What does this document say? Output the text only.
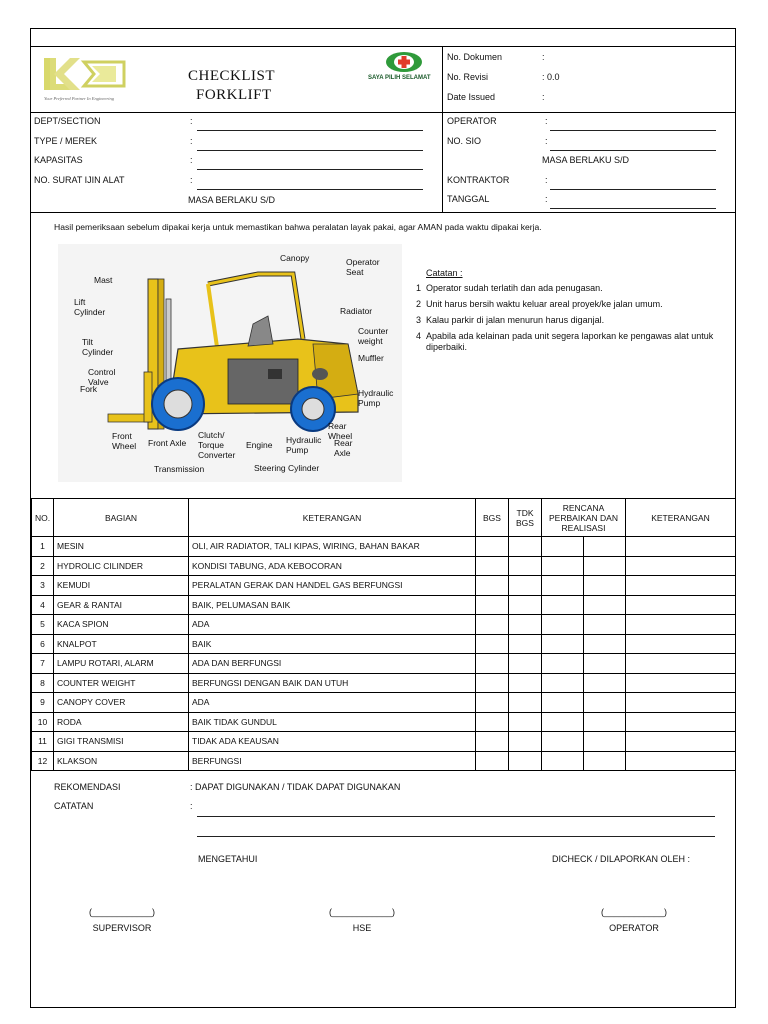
Your Preferred Partner In Engineering
CHECKLIST
FORKLIFT
SAYA PILIH SELAMAT
No. Dokumen	:
No. Revisi	: 0.0
Date Issued	:
DEPT/SECTION	:
TYPE / MEREK	:
KAPASITAS	:
NO. SURAT IJIN ALAT	:
MASA BERLAKU S/D
OPERATOR	:
NO. SIO	:
MASA BERLAKU S/D
KONTRAKTOR	:
TANGGAL	:
Hasil pemeriksaan sebelum dipakai kerja untuk memastikan bahwa peralatan layak pakai, agar AMAN pada waktu dipakai kerja.
Canopy	Operator Seat
Mast
Lift Cylinder	Radiator
Tilt Cylinder
Counter weight
Control Valve
Muffler
Fork	Hydraulic Pump
Rear Wheel
Front Wheel	Front Axle
Clutch/ Torque Converter
Engine Hydraulic Pump
Rear Axle
Transmission	Steering Cylinder
Catatan :
1 Operator sudah terlatih dan ada penugasan.
2 Unit harus bersih waktu keluar areal proyek/ke jalan umum.
3 Kalau parkir di jalan menurun harus diganjal.
4 Apabila ada kelainan pada unit segera laporkan ke pengawas alat untuk diperbaiki.
NO.	BAGIAN	KETERANGAN	BGS	TDK BGS	RENCANA PERBAIKAN DAN REALISASI		KETERANGAN
1	MESIN	OLI, AIR RADIATOR, TALI KIPAS, WIRING, BAHAN BAKAR					
2	HYDROLIC CILINDER	KONDISI TABUNG, ADA KEBOCORAN					
3	KEMUDI	PERALATAN GERAK DAN HANDEL GAS BERFUNGSI					
4	GEAR & RANTAI	BAIK, PELUMASAN BAIK					
5	KACA SPION	ADA					
6	KNALPOT	BAIK					
7	LAMPU ROTARI, ALARM	ADA DAN BERFUNGSI					
8	COUNTER WEIGHT	BERFUNGSI DENGAN BAIK DAN UTUH					
9	CANOPY COVER	ADA					
10	RODA	BAIK TIDAK GUNDUL					
11	GIGI TRANSMISI	TIDAK ADA KEAUSAN					
12	KLAKSON	BERFUNGSI					
REKOMENDASI	: DAPAT DIGUNAKAN / TIDAK DAPAT DIGUNAKAN
CATATAN	:
MENGETAHUI	DICHECK / DILAPORKAN OLEH :
(____________)
SUPERVISOR
(____________)
HSE
(____________)
OPERATOR
